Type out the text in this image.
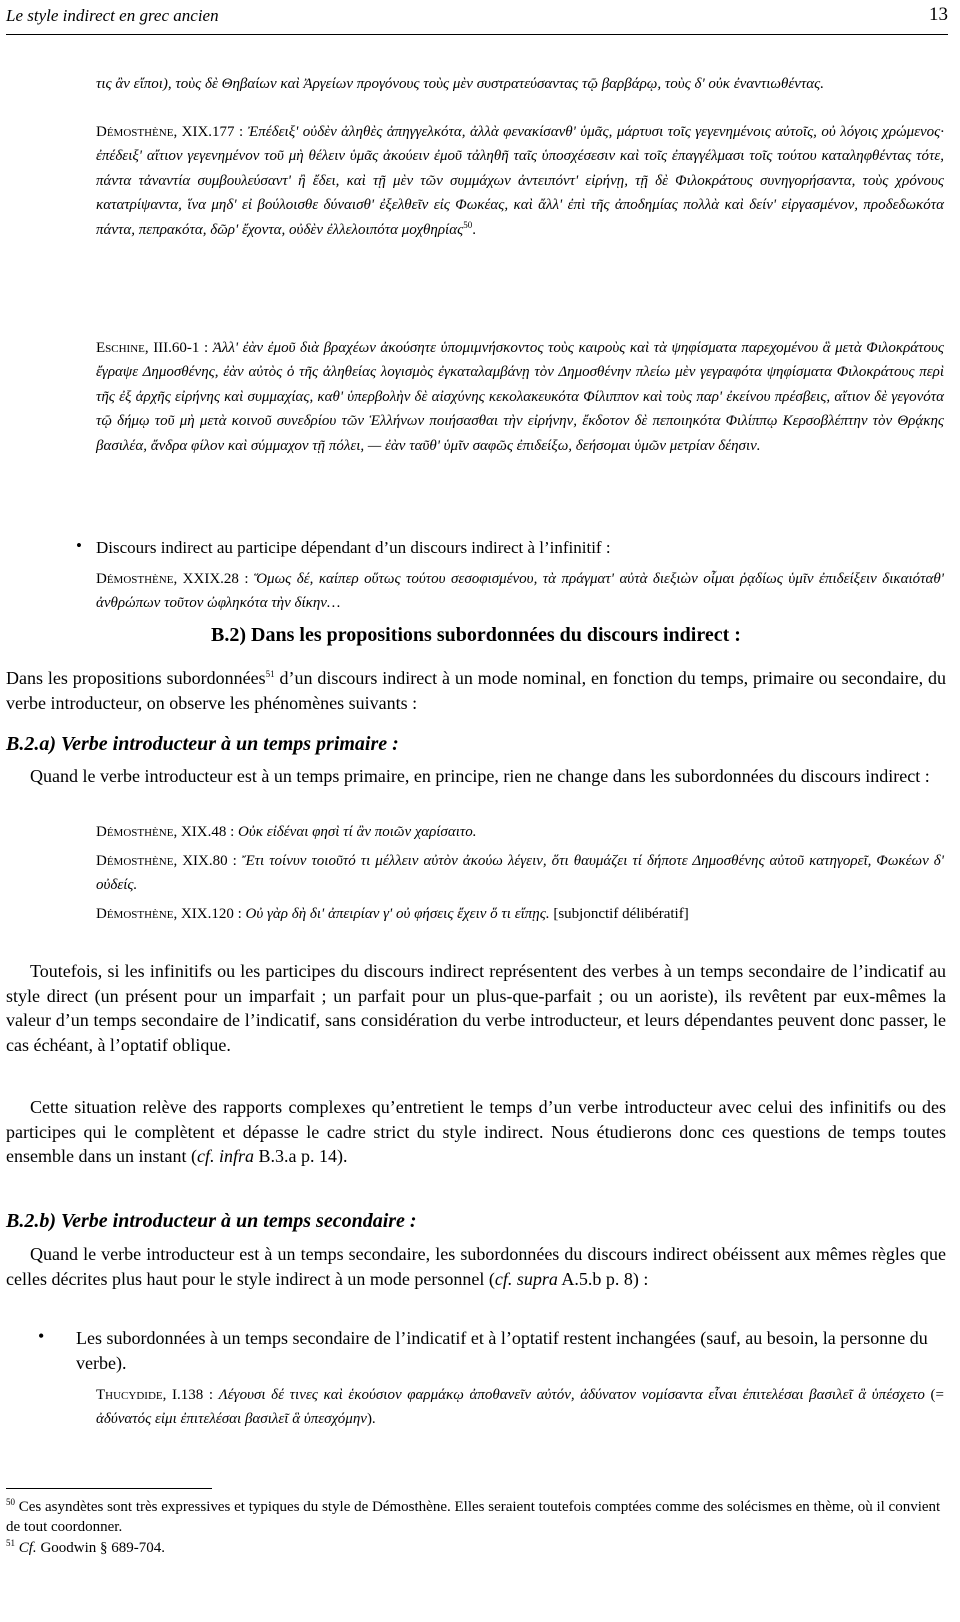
Le style indirect en grec ancien	13
τις ἂν εἴποι), τοὺς δὲ Θηβαίων καὶ Ἀργείων προγόνους τοὺς μὲν συστρατεύσαντας τῷ βαρβάρῳ, τοὺς δ' οὐκ ἐναντιωθέντας.
Démosthène, XIX.177 : Ἐπέδειξ' οὐδὲν ἀληθὲς ἀπηγγελκότα, ἀλλὰ φενακίσανθ' ὑμᾶς, μάρτυσι τοῖς γεγενημένοις αὐτοῖς, οὐ λόγοις χρώμενος· ἐπέδειξ' αἴτιον γεγενημένον τοῦ μὴ θέλειν ὑμᾶς ἀκούειν ἐμοῦ τἀληθῆ ταῖς ὑποσχέσεσιν καὶ τοῖς ἐπαγγέλμασι τοῖς τούτου καταληφθέντας τότε, πάντα τἀναντία συμβουλεύσαντ' ἢ ἔδει, καὶ τῇ μὲν τῶν συμμάχων ἀντειπόντ' εἰρήνῃ, τῇ δὲ Φιλοκράτους συνηγορήσαντα, τοὺς χρόνους κατατρίψαντα, ἵνα μηδ' εἰ βούλοισθε δύναισθ' ἐξελθεῖν εἰς Φωκέας, καὶ ἄλλ' ἐπὶ τῆς ἀποδημίας πολλὰ καὶ δείν' εἰργασμένον, προδεδωκότα πάντα, πεπρακότα, δῶρ' ἔχοντα, οὐδὲν ἐλλελοιπότα μοχθηρίας$^{50}$.
Eschine, III.60-1 : Ἀλλ' ἐὰν ἐμοῦ διὰ βραχέων ἀκούσητε ὑπομιμνήσκοντος τοὺς καιροὺς καὶ τὰ ψηφίσματα παρεχομένου ἃ μετὰ Φιλοκράτους ἔγραψε Δημοσθένης, ἐὰν αὐτὸς ὁ τῆς ἀληθείας λογισμὸς ἐγκαταλαμβάνῃ τὸν Δημοσθένην πλείω μὲν γεγραφότα ψηφίσματα Φιλοκράτους περὶ τῆς ἐξ ἀρχῆς εἰρήνης καὶ συμμαχίας, καθ' ὑπερβολὴν δὲ αἰσχύνης κεκολακευκότα Φίλιππον καὶ τοὺς παρ' ἐκείνου πρέσβεις, αἴτιον δὲ γεγονότα τῷ δήμῳ τοῦ μὴ μετὰ κοινοῦ συνεδρίου τῶν Ἑλλήνων ποιήσασθαι τὴν εἰρήνην, ἔκδοτον δὲ πεποιηκότα Φιλίππῳ Κερσοβλέπτην τὸν Θρᾴκης βασιλέα, ἄνδρα φίλον καὶ σύμμαχον τῇ πόλει, — ἐὰν ταῦθ' ὑμῖν σαφῶς ἐπιδείξω, δεήσομαι ὑμῶν μετρίαν δέησιν.
• Discours indirect au participe dépendant d’un discours indirect à l’infinitif :
Démosthène, XXIX.28 : Ὅμως δέ, καίπερ οὕτως τούτου σεσοφισμένου, τὰ πράγματ' αὐτὰ διεξιὼν οἶμαι ῥᾳδίως ὑμῖν ἐπιδείξειν δικαιόταθ' ἀνθρώπων τοῦτον ὠφληκότα τὴν δίκην…
B.2) Dans les propositions subordonnées du discours indirect :
Dans les propositions subordonnées$^{51}$ d’un discours indirect à un mode nominal, en fonction du temps, primaire ou secondaire, du verbe introducteur, on observe les phénomènes suivants :
B.2.a) Verbe introducteur à un temps primaire :
Quand le verbe introducteur est à un temps primaire, en principe, rien ne change dans les subordonnées du discours indirect :
Démosthène, XIX.48 : Οὐκ εἰδέναι φησὶ τί ἂν ποιῶν χαρίσαιτο.
Démosthène, XIX.80 : Ἔτι τοίνυν τοιοῦτό τι μέλλειν αὐτὸν ἀκούω λέγειν, ὅτι θαυμάζει τί δήποτε Δημοσθένης αὐτοῦ κατηγορεῖ, Φωκέων δ' οὐδείς.
Démosthène, XIX.120 : Οὐ γὰρ δὴ δι' ἀπειρίαν γ' οὐ φήσεις ἔχειν ὅ τι εἴπῃς. [subjonctif délibératif]
Toutefois, si les infinitifs ou les participes du discours indirect représentent des verbes à un temps secondaire de l’indicatif au style direct (un présent pour un imparfait ; un parfait pour un plus-que-parfait ; ou un aoriste), ils revêtent par eux-mêmes la valeur d’un temps secondaire de l’indicatif, sans considération du verbe introducteur, et leurs dépendantes peuvent donc passer, le cas échéant, à l’optatif oblique.
Cette situation relève des rapports complexes qu’entretient le temps d’un verbe introducteur avec celui des infinitifs ou des participes qui le complètent et dépasse le cadre strict du style indirect. Nous étudierons donc ces questions de temps toutes ensemble dans un instant (cf. infra B.3.a p. 14).
B.2.b) Verbe introducteur à un temps secondaire :
Quand le verbe introducteur est à un temps secondaire, les subordonnées du discours indirect obéissent aux mêmes règles que celles décrites plus haut pour le style indirect à un mode personnel (cf. supra A.5.b p. 8) :
• Les subordonnées à un temps secondaire de l’indicatif et à l’optatif restent inchangées (sauf, au besoin, la personne du verbe).
Thucydide, I.138 : Λέγουσι δέ τινες καὶ ἑκούσιον φαρμάκῳ ἀποθανεῖν αὐτόν, ἀδύνατον νομίσαντα εἶναι ἐπιτελέσαι βασιλεῖ ἃ ὑπέσχετο (= ἀδύνατός εἰμι ἐπιτελέσαι βασιλεῖ ἃ ὑπεσχόμην).
$^{50}$ Ces asyndètes sont très expressives et typiques du style de Démosthène. Elles seraient toutefois comptées comme des solécismes en thème, où il convient de tout coordonner.
$^{51}$ Cf. Goodwin § 689-704.
